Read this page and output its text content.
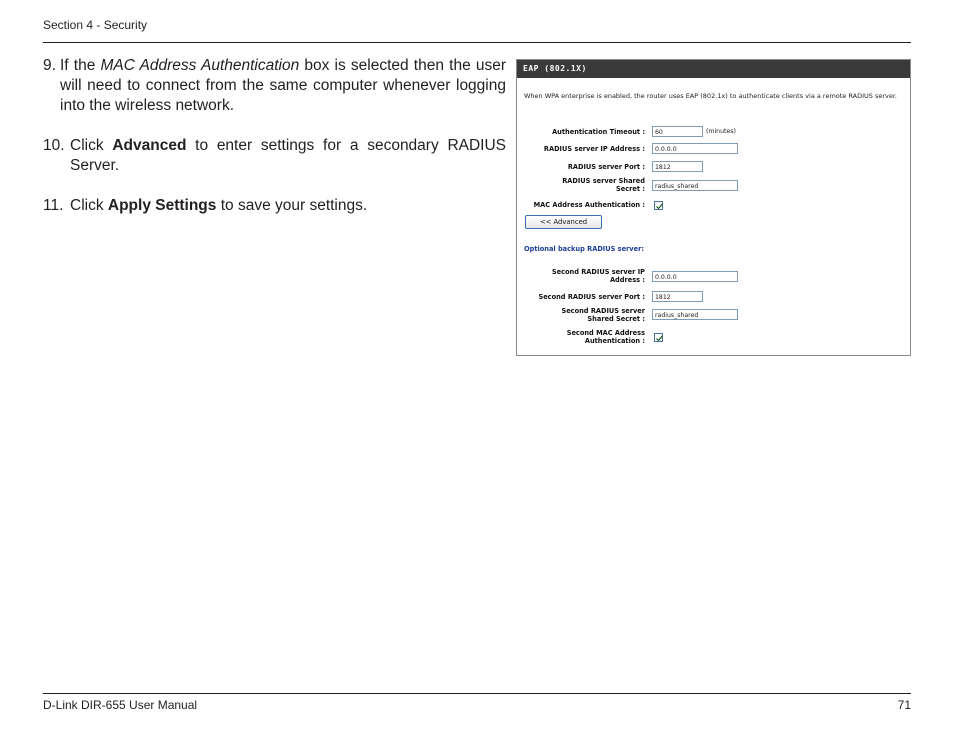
Section 4 - Security
9. If the MAC Address Authentication box is selected then the user will need to connect from the same computer whenever logging into the wireless network.
10. Click Advanced to enter settings for a secondary RADIUS Server.
11. Click Apply Settings to save your settings.
EAP (802.1X)
When WPA enterprise is enabled, the router uses EAP (802.1x) to authenticate clients via a remote RADIUS server.
Authentication Timeout :	60	(minutes)
RADIUS server IP Address :	0.0.0.0
RADIUS server Port :	1812
RADIUS server Shared
Secret :	radius_shared
MAC Address Authentication :
<< Advanced
Optional backup RADIUS server:
Second RADIUS server IP
Address :	0.0.0.0
Second RADIUS server Port :	1812
Second RADIUS server
Shared Secret :	radius_shared
Second MAC Address
Authentication :
D-Link DIR-655 User Manual	71
